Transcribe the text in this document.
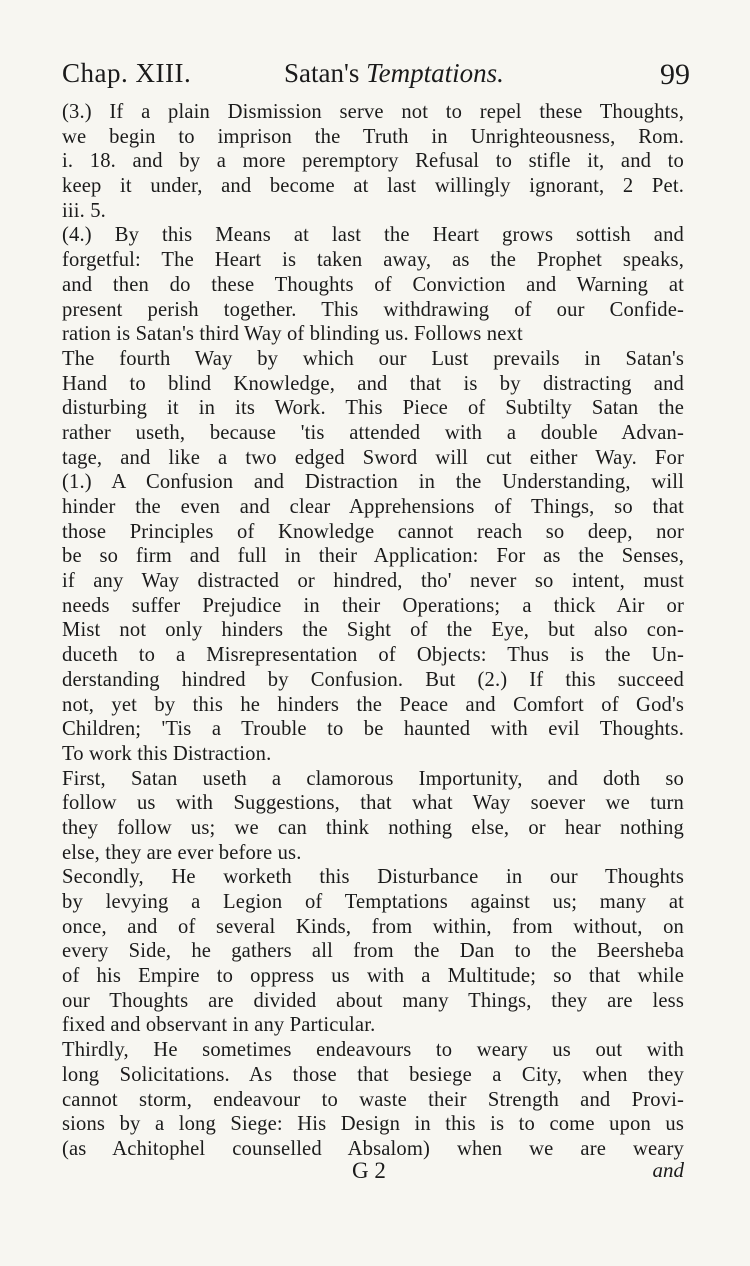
Chap. XIII.	Satan's Temptations.	99
(3.) If a plain Dismission serve not to repel these Thoughts,
we begin to imprison the Truth in Unrighteousness, Rom.
i. 18. and by a more peremptory Refusal to stifle it, and to
keep it under, and become at last willingly ignorant, 2 Pet.
iii. 5.
(4.) By this Means at last the Heart grows sottish and
forgetful: The Heart is taken away, as the Prophet speaks,
and then do these Thoughts of Conviction and Warning at
present perish together. This withdrawing of our Confide-
ration is Satan's third Way of blinding us. Follows next
The fourth Way by which our Lust prevails in Satan's
Hand to blind Knowledge, and that is by distracting and
disturbing it in its Work. This Piece of Subtilty Satan the
rather useth, because 'tis attended with a double Advan-
tage, and like a two edged Sword will cut either Way. For
(1.) A Confusion and Distraction in the Understanding, will
hinder the even and clear Apprehensions of Things, so that
those Principles of Knowledge cannot reach so deep, nor
be so firm and full in their Application: For as the Senses,
if any Way distracted or hindred, tho' never so intent, must
needs suffer Prejudice in their Operations; a thick Air or
Mist not only hinders the Sight of the Eye, but also con-
duceth to a Misrepresentation of Objects: Thus is the Un-
derstanding hindred by Confusion. But (2.) If this succeed
not, yet by this he hinders the Peace and Comfort of God's
Children; 'Tis a Trouble to be haunted with evil Thoughts.
To work this Distraction.
First, Satan useth a clamorous Importunity, and doth so
follow us with Suggestions, that what Way soever we turn
they follow us; we can think nothing else, or hear nothing
else, they are ever before us.
Secondly, He worketh this Disturbance in our Thoughts
by levying a Legion of Temptations against us; many at
once, and of several Kinds, from within, from without, on
every Side, he gathers all from the Dan to the Beersheba
of his Empire to oppress us with a Multitude; so that while
our Thoughts are divided about many Things, they are less
fixed and observant in any Particular.
Thirdly, He sometimes endeavours to weary us out with
long Solicitations. As those that besiege a City, when they
cannot storm, endeavour to waste their Strength and Provi-
sions by a long Siege: His Design in this is to come upon us
(as Achitophel counselled Absalom) when we are weary
G 2	and
